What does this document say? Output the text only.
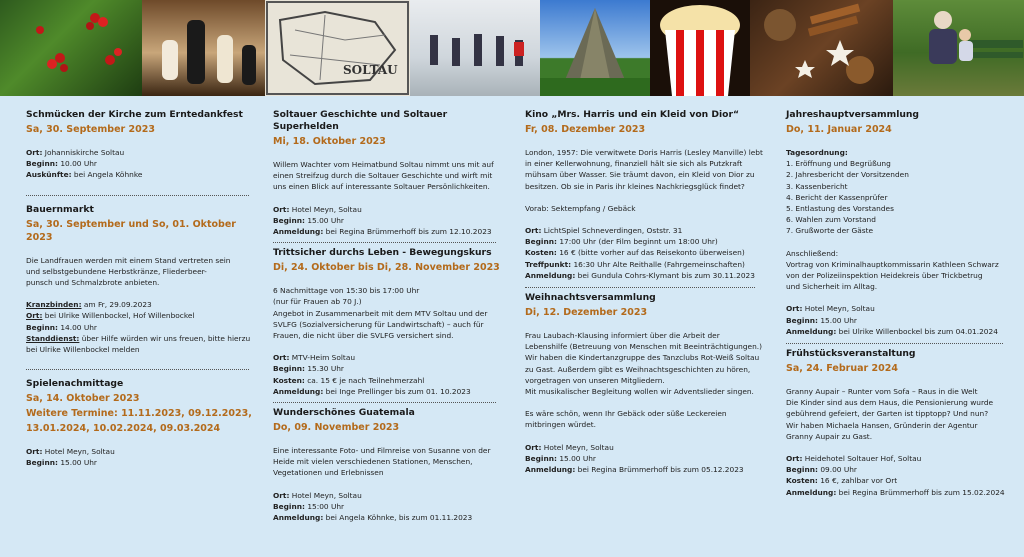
SOLTAU
Schmücken der Kirche zum Erntedankfest
Sa, 30. September 2023
Ort: Johanniskirche Soltau
Beginn: 10.00 Uhr
Auskünfte: bei Angela Köhnke
Bauernmarkt
Sa, 30. September und So, 01. Oktober 2023
Die Landfrauen werden mit einem Stand vertreten sein
und selbstgebundene Herbstkränze, Fliederbeer-
punsch und Schmalzbrote anbieten.
Kranzbinden: am Fr, 29.09.2023
Ort: bei Ulrike Willenbockel, Hof Willenbockel
Beginn: 14.00 Uhr
Standdienst: über Hilfe würden wir uns freuen, bitte hierzu
bei Ulrike Willenbockel melden
Spielenachmittage
Sa, 14. Oktober 2023
Weitere Termine: 11.11.2023, 09.12.2023,
13.01.2024, 10.02.2024, 09.03.2024
Ort: Hotel Meyn, Soltau
Beginn: 15.00 Uhr
Soltauer Geschichte und Soltauer Superhelden
Mi, 18. Oktober 2023
Willem Wachter vom Heimatbund Soltau nimmt uns mit auf
einen Streifzug durch die Soltauer Geschichte und wirft mit
uns einen Blick auf interessante Soltauer Persönlichkeiten.
Ort: Hotel Meyn, Soltau
Beginn: 15.00 Uhr
Anmeldung: bei Regina Brümmerhoff bis zum 12.10.2023
Trittsicher durchs Leben - Bewegungskurs
Di, 24. Oktober bis Di, 28. November 2023
6 Nachmittage von 15:30 bis 17:00 Uhr
(nur für Frauen ab 70 J.)
Angebot in Zusammenarbeit mit dem MTV Soltau und der
SVLFG (Sozialversicherung für Landwirtschaft) – auch für
Frauen, die nicht über die SVLFG versichert sind.
Ort: MTV-Heim Soltau
Beginn: 15.30 Uhr
Kosten: ca. 15 € je nach Teilnehmerzahl
Anmeldung: bei Inge Prellinger bis zum 01. 10.2023
Wunderschönes Guatemala
Do, 09. November 2023
Eine interessante Foto- und Filmreise von Susanne von der
Heide mit vielen verschiedenen Stationen, Menschen,
Vegetationen und Erlebnissen
Ort: Hotel Meyn, Soltau
Beginn: 15:00 Uhr
Anmeldung: bei Angela Köhnke, bis zum 01.11.2023
Kino „Mrs. Harris und ein Kleid von Dior“
Fr, 08. Dezember 2023
London, 1957: Die verwitwete Doris Harris (Lesley Manville) lebt
in einer Kellerwohnung, finanziell hält sie sich als Putzkraft
mühsam über Wasser. Sie träumt davon, ein Kleid von Dior zu
besitzen. Ob sie in Paris ihr kleines Nachkriegsglück findet?
Vorab: Sektempfang / Gebäck
Ort: LichtSpiel Schneverdingen, Oststr. 31
Beginn: 17:00 Uhr (der Film beginnt um 18:00 Uhr)
Kosten: 16 € (bitte vorher auf das Reisekonto überweisen)
Treffpunkt: 16:30 Uhr Alte Reithalle (Fahrgemeinschaften)
Anmeldung: bei Gundula Cohrs-Klymant bis zum 30.11.2023
Weihnachtsversammlung
Di, 12. Dezember 2023
Frau Laubach-Klausing informiert über die Arbeit der
Lebenshilfe (Betreuung von Menschen mit Beeinträchtigungen.)
Wir haben die Kindertanzgruppe des Tanzclubs Rot-Weiß Soltau
zu Gast. Außerdem gibt es Weihnachtsgeschichten zu hören,
vorgetragen von unseren Mitgliedern.
Mit musikalischer Begleitung wollen wir Adventslieder singen.
Es wäre schön, wenn Ihr Gebäck oder süße Leckereien
mitbringen würdet.
Ort: Hotel Meyn, Soltau
Beginn: 15.00 Uhr
Anmeldung: bei Regina Brümmerhoff bis zum 05.12.2023
Jahreshauptversammlung
Do, 11. Januar 2024
Tagesordnung:
1. Eröffnung und Begrüßung
2. Jahresbericht der Vorsitzenden
3. Kassenbericht
4. Bericht der Kassenprüfer
5. Entlastung des Vorstandes
6. Wahlen zum Vorstand
7. Grußworte der Gäste
Anschließend:
Vortrag von Kriminalhauptkommissarin Kathleen Schwarz
von der Polizeiinspektion Heidekreis über Trickbetrug
und Sicherheit im Alltag.
Ort: Hotel Meyn, Soltau
Beginn: 15.00 Uhr
Anmeldung: bei Ulrike Willenbockel bis zum 04.01.2024
Frühstücksveranstaltung
Sa, 24. Februar 2024
Granny Aupair – Runter vom Sofa – Raus in die Welt
Die Kinder sind aus dem Haus, die Pensionierung wurde
gebührend gefeiert, der Garten ist tipptopp? Und nun?
Wir haben Michaela Hansen, Gründerin der Agentur
Granny Aupair zu Gast.
Ort: Heidehotel Soltauer Hof, Soltau
Beginn: 09.00 Uhr
Kosten: 16 €, zahlbar vor Ort
Anmeldung: bei Regina Brümmerhoff bis zum 15.02.2024
